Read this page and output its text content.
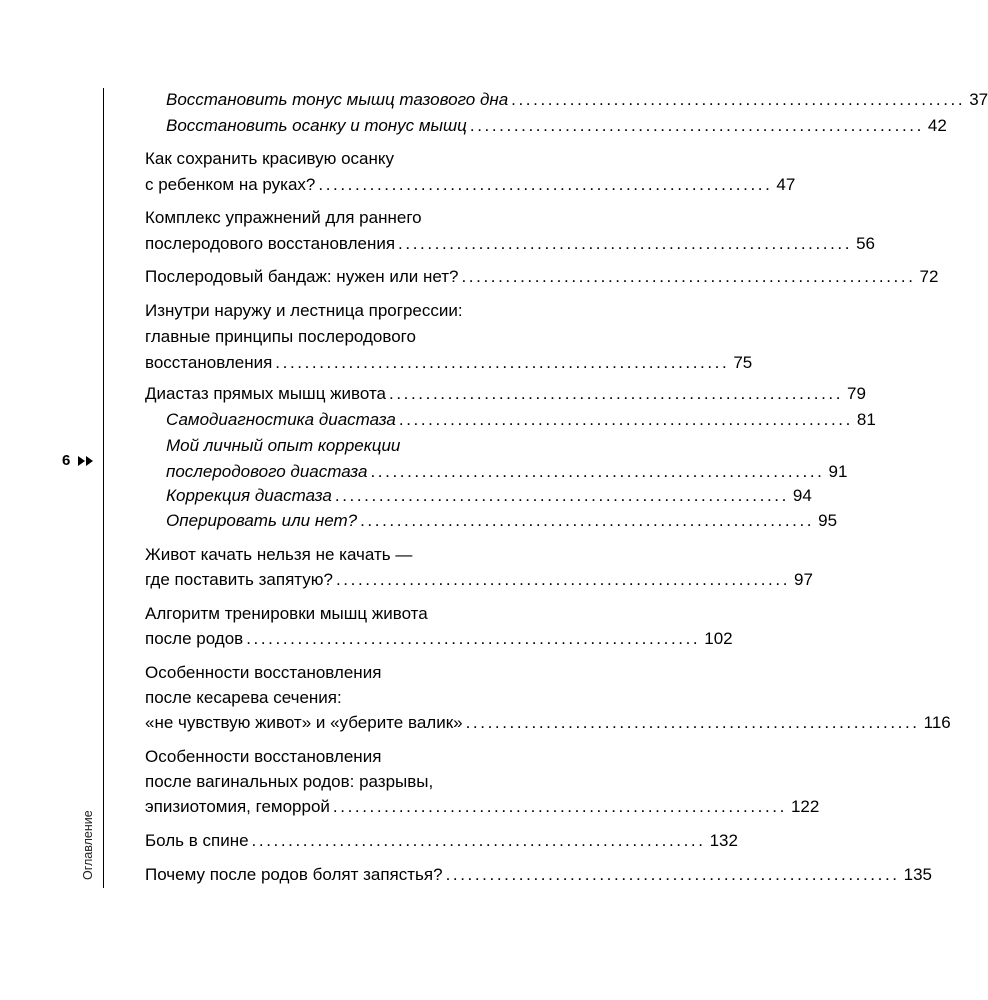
6
Оглавление
Восстановить тонус мышц тазового дна .............................................................. 37
Восстановить осанку и тонус мышц .............................................................. 42
Как сохранить красивую осанку
с ребенком на руках? .............................................................. 47
Комплекс упражнений для раннего
послеродового восстановления .............................................................. 56
Послеродовый бандаж: нужен или нет? .............................................................. 72
Изнутри наружу и лестница прогрессии:
главные принципы послеродового
восстановления .............................................................. 75
Диастаз прямых мышц живота .............................................................. 79
Самодиагностика диастаза .............................................................. 81
Мой личный опыт коррекции
послеродового диастаза .............................................................. 91
Коррекция диастаза .............................................................. 94
Оперировать или нет? .............................................................. 95
Живот качать нельзя не качать —
где поставить запятую? .............................................................. 97
Алгоритм тренировки мышц живота
после родов .............................................................. 102
Особенности восстановления
после кесарева сечения:
«не чувствую живот» и «уберите валик» .............................................................. 116
Особенности восстановления
после вагинальных родов: разрывы,
эпизиотомия, геморрой .............................................................. 122
Боль в спине .............................................................. 132
Почему после родов болят запястья? .............................................................. 135
